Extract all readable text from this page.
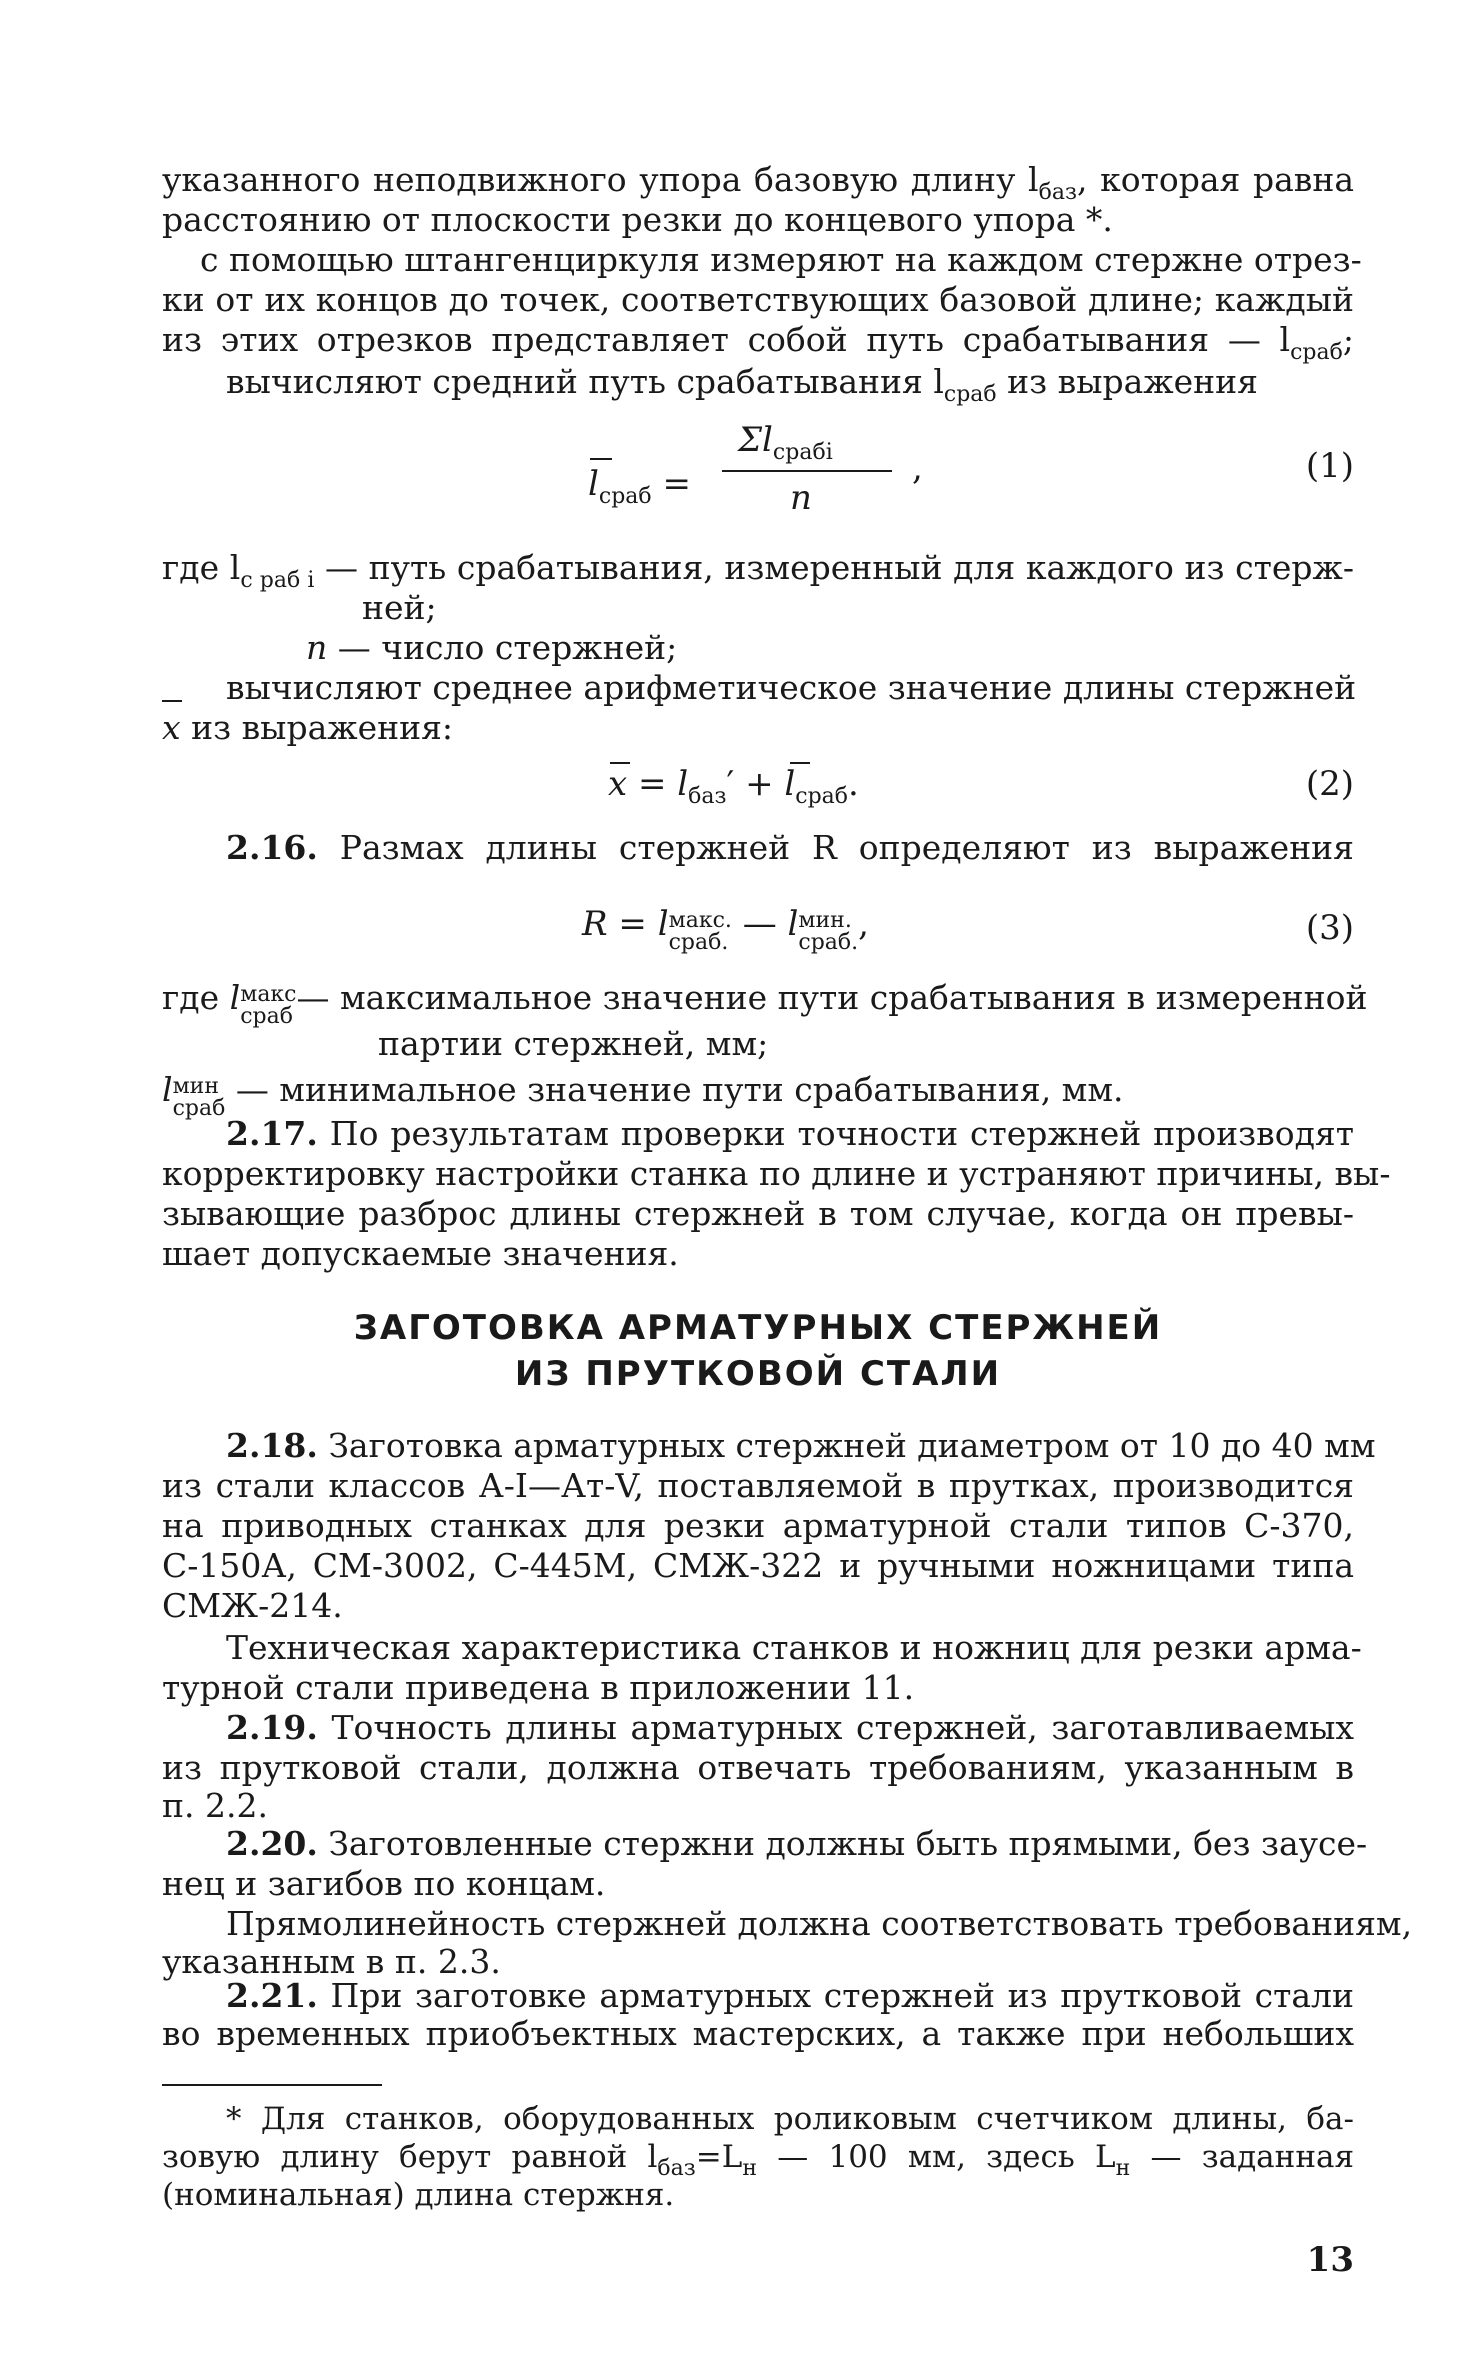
указанного неподвижного упора базовую длину $l_{баз}$, которая равна
расстоянию от плоскости резки до концевого упора *.
с помощью штангенциркуля измеряют на каждом стержне отрез-
ки от их концов до точек, соответствующих базовой длине; каждый
из этих отрезков представляет собой путь срабатывания — $l_{сраб}$;
вычисляют средний путь срабатывания $l_{сраб}$ из выражения
$l_{сраб}$ =
$\Sigma l_{срабi}$
n
,	(1)
где $l_{с раб i}$ — путь срабатывания, измеренный для каждого из стерж-
ней;
n — число стержней;
вычисляют среднее арифметическое значение длины стержней
x из выражения:
$x = l_{баз}' + l_{сраб}$.	(2)
2.16. Размах длины стержней R определяют из выражения
R = lмакс.
сраб. — lмин.
сраб.,	(3)
где lмакс
сраб — максимальное значение пути срабатывания в измеренной
партии стержней, мм;
lмин
сраб — минимальное значение пути срабатывания, мм.
2.17. По результатам проверки точности стержней производят
корректировку настройки станка по длине и устраняют причины, вы-
зывающие разброс длины стержней в том случае, когда он превы-
шает допускаемые значения.
ЗАГОТОВКА АРМАТУРНЫХ СТЕРЖНЕЙ
ИЗ ПРУТКОВОЙ СТАЛИ
2.18. Заготовка арматурных стержней диаметром от 10 до 40 мм
из стали классов А-I—Ат-V, поставляемой в прутках, производится
на приводных станках для резки арматурной стали типов С-370,
С-150А, СМ-3002, С-445М, СМЖ-322 и ручными ножницами типа
СМЖ-214.
Техническая характеристика станков и ножниц для резки арма-
турной стали приведена в приложении 11.
2.19. Точность длины арматурных стержней, заготавливаемых
из прутковой стали, должна отвечать требованиям, указанным в
п. 2.2.
2.20. Заготовленные стержни должны быть прямыми, без заусе-
нец и загибов по концам.
Прямолинейность стержней должна соответствовать требованиям,
указанным в п. 2.3.
2.21. При заготовке арматурных стержней из прутковой стали
во временных приобъектных мастерских, а также при небольших
* Для станков, оборудованных роликовым счетчиком длины, ба-
зовую длину берут равной $l_{баз}=L_н$ — 100 мм, здесь $L_н$ — заданная
(номинальная) длина стержня.
13
